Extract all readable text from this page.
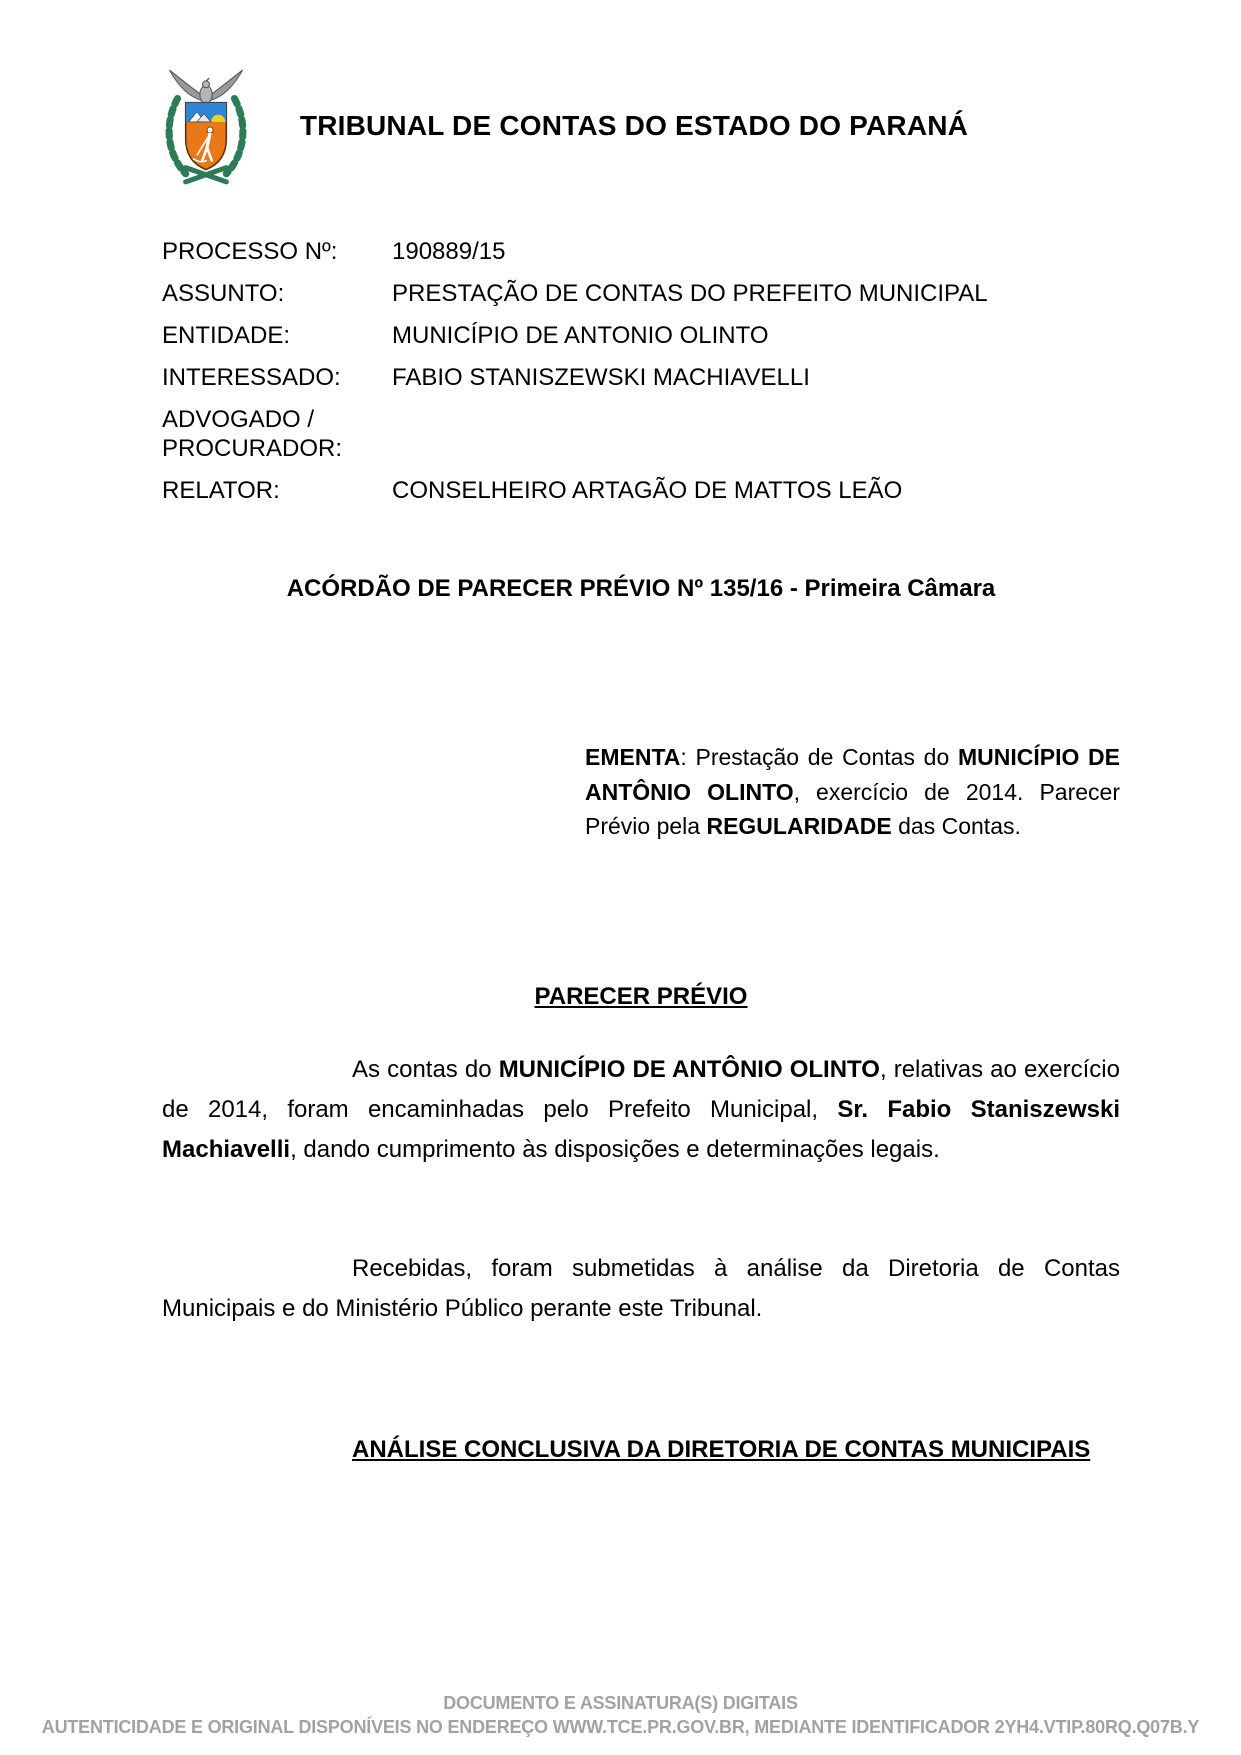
TRIBUNAL DE CONTAS DO ESTADO DO PARANÁ
PROCESSO Nº:	190889/15
ASSUNTO:	PRESTAÇÃO DE CONTAS DO PREFEITO MUNICIPAL
ENTIDADE:	MUNICÍPIO DE ANTONIO OLINTO
INTERESSADO:	FABIO STANISZEWSKI MACHIAVELLI
ADVOGADO / PROCURADOR:
RELATOR:	CONSELHEIRO ARTAGÃO DE MATTOS LEÃO
ACÓRDÃO DE PARECER PRÉVIO Nº 135/16 - Primeira Câmara
EMENTA: Prestação de Contas do MUNICÍPIO DE ANTÔNIO OLINTO, exercício de 2014. Parecer Prévio pela REGULARIDADE das Contas.
PARECER PRÉVIO
As contas do MUNICÍPIO DE ANTÔNIO OLINTO, relativas ao exercício de 2014, foram encaminhadas pelo Prefeito Municipal, Sr. Fabio Staniszewski Machiavelli, dando cumprimento às disposições e determinações legais.
Recebidas, foram submetidas à análise da Diretoria de Contas Municipais e do Ministério Público perante este Tribunal.
ANÁLISE CONCLUSIVA DA DIRETORIA DE CONTAS MUNICIPAIS
DOCUMENTO E ASSINATURA(S) DIGITAIS
AUTENTICIDADE E ORIGINAL DISPONÍVEIS NO ENDEREÇO WWW.TCE.PR.GOV.BR, MEDIANTE IDENTIFICADOR 2YH4.VTIP.80RQ.Q07B.Y
